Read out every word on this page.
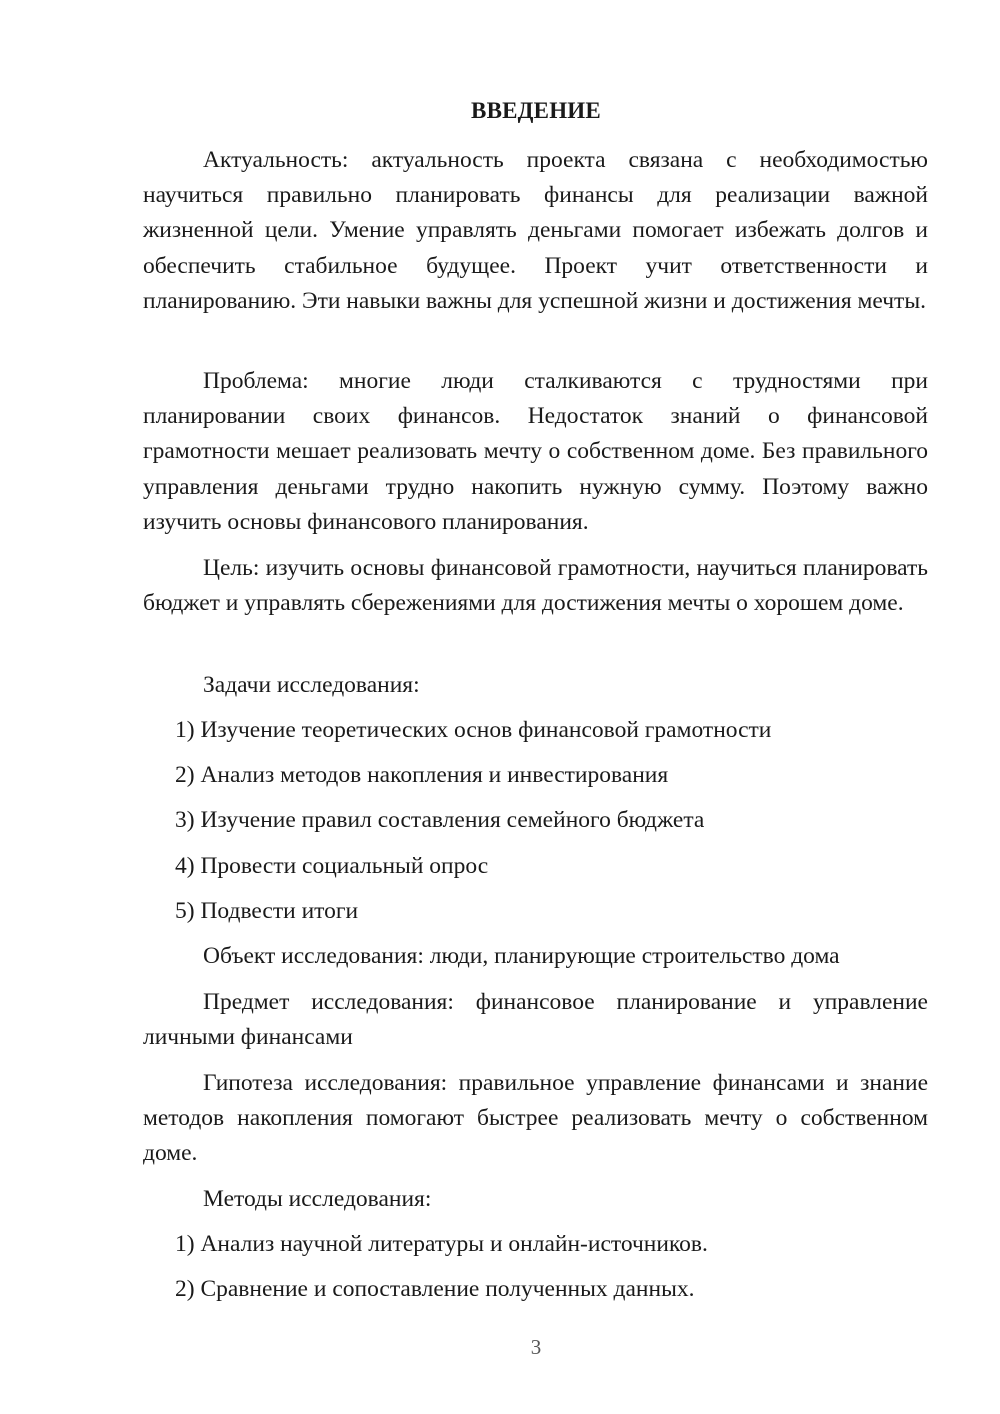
ВВЕДЕНИЕ

Актуальность: актуальность проекта связана с необходимостью научиться правильно планировать финансы для реализации важной жизненной цели. Умение управлять деньгами помогает избежать долгов и обеспечить стабильное будущее. Проект учит ответственности и планированию. Эти навыки важны для успешной жизни и достижения мечты.

Проблема: многие люди сталкиваются с трудностями при планировании своих финансов. Недостаток знаний о финансовой грамотности мешает реализовать мечту о собственном доме. Без правильного управления деньгами трудно накопить нужную сумму. Поэтому важно изучить основы финансового планирования.

Цель: изучить основы финансовой грамотности, научиться планировать бюджет и управлять сбережениями для достижения мечты о хорошем доме.

Задачи исследования:
1) Изучение теоретических основ финансовой грамотности
2) Анализ методов накопления и инвестирования
3) Изучение правил составления семейного бюджета
4) Провести социальный опрос
5) Подвести итоги
Объект исследования: люди, планирующие строительство дома

Предмет исследования: финансовое планирование и управление личными финансами

Гипотеза исследования: правильное управление финансами и знание методов накопления помогают быстрее реализовать мечту о собственном доме.

Методы исследования:
1) Анализ научной литературы и онлайн-источников.
2) Сравнение и сопоставление полученных данных.
3
